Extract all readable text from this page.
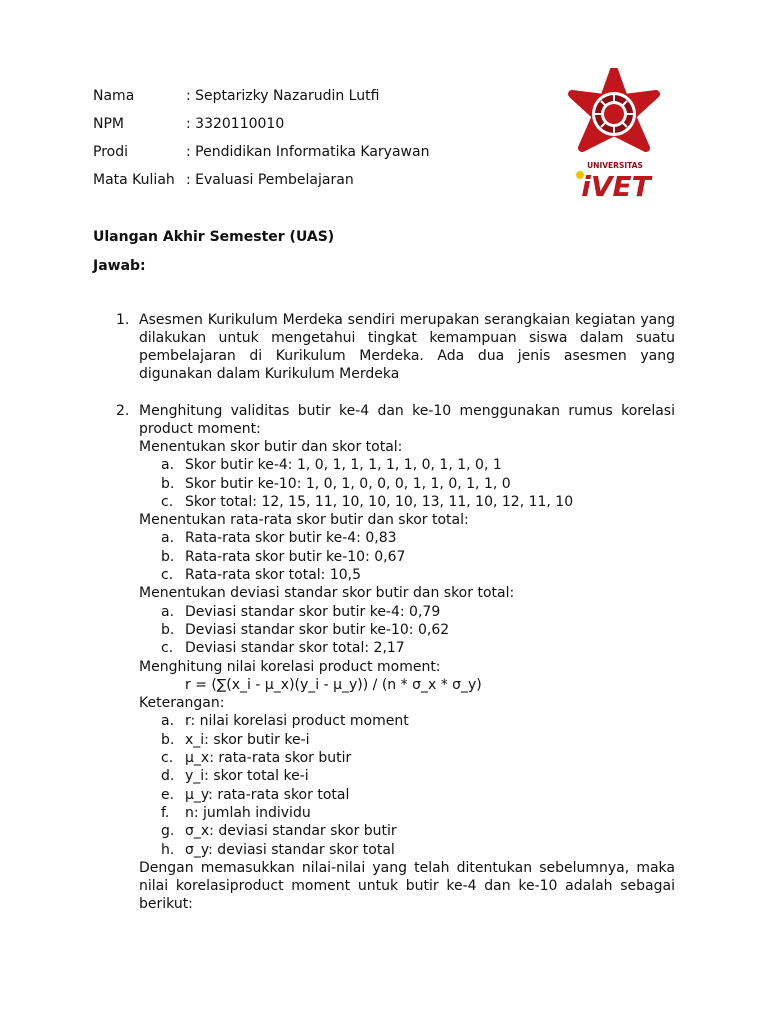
Nama	: Septarizky Nazarudin Lutfi
NPM	: 3320110010
Prodi	: Pendidikan Informatika Karyawan
Mata Kuliah : Evaluasi Pembelajaran
UNIVERSITAS
iVET
Ulangan Akhir Semester (UAS)
Jawab:
1. Asesmen Kurikulum Merdeka sendiri merupakan serangkaian kegiatan yang dilakukan untuk mengetahui tingkat kemampuan siswa dalam suatu pembelajaran di Kurikulum Merdeka. Ada dua jenis asesmen yang digunakan dalam Kurikulum Merdeka
2. Menghitung validitas butir ke-4 dan ke-10 menggunakan rumus korelasi product moment:
Menentukan skor butir dan skor total:
a. Skor butir ke-4: 1, 0, 1, 1, 1, 1, 1, 0, 1, 1, 0, 1
b. Skor butir ke-10: 1, 0, 1, 0, 0, 0, 1, 1, 0, 1, 1, 0
c. Skor total: 12, 15, 11, 10, 10, 10, 13, 11, 10, 12, 11, 10
Menentukan rata-rata skor butir dan skor total:
a. Rata-rata skor butir ke-4: 0,83
b. Rata-rata skor butir ke-10: 0,67
c. Rata-rata skor total: 10,5
Menentukan deviasi standar skor butir dan skor total:
a. Deviasi standar skor butir ke-4: 0,79
b. Deviasi standar skor butir ke-10: 0,62
c. Deviasi standar skor total: 2,17
Menghitung nilai korelasi product moment:
r = (∑(x_i - μ_x)(y_i - μ_y)) / (n * σ_x * σ_y)
Keterangan:
a. r: nilai korelasi product moment
b. x_i: skor butir ke-i
c. μ_x: rata-rata skor butir
d. y_i: skor total ke-i
e. μ_y: rata-rata skor total
f. n: jumlah individu
g. σ_x: deviasi standar skor butir
h. σ_y: deviasi standar skor total
Dengan memasukkan nilai-nilai yang telah ditentukan sebelumnya, maka nilai korelasiproduct moment untuk butir ke-4 dan ke-10 adalah sebagai berikut:
